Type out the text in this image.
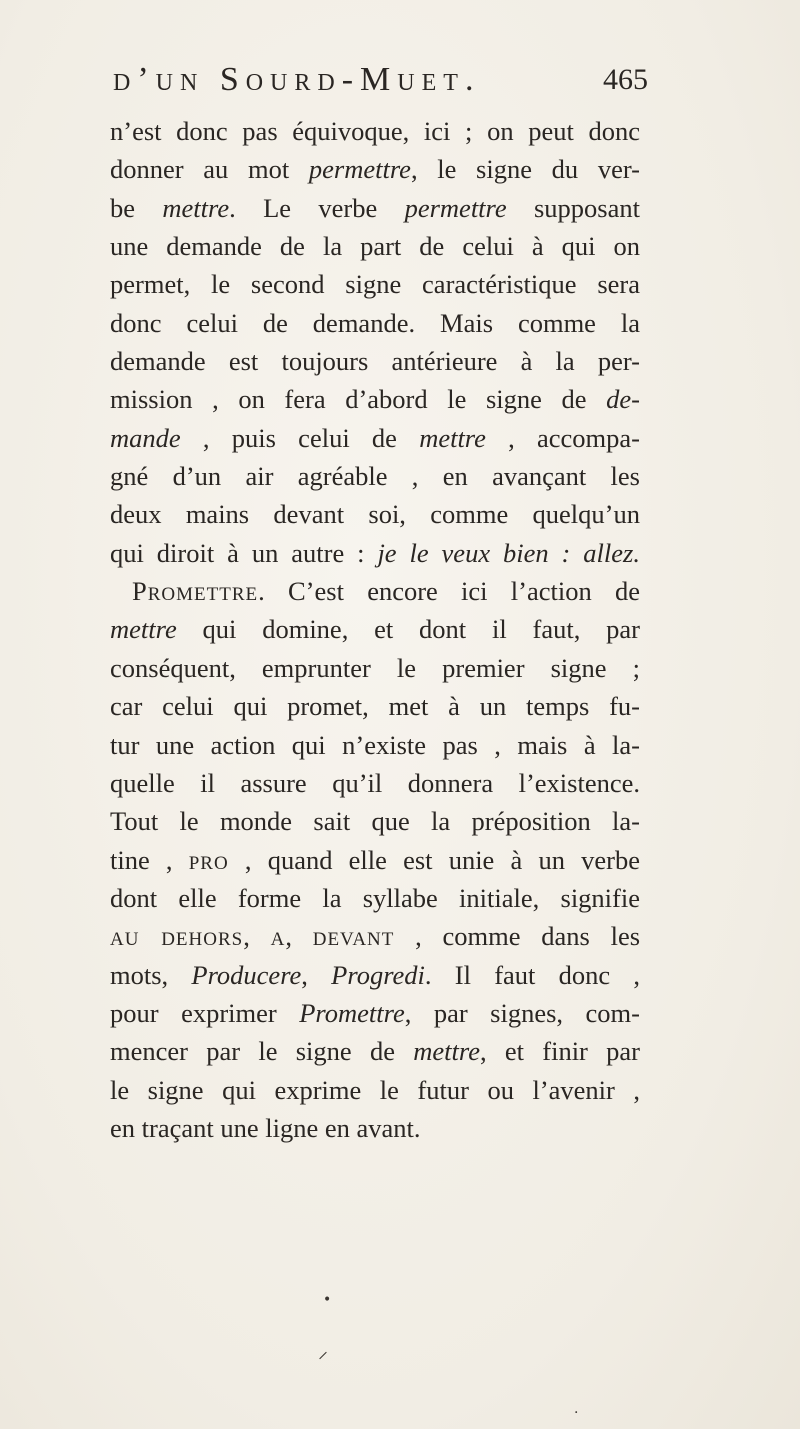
d’un Sourd-Muet.	465
n’est donc pas équivoque, ici ; on peut donc
donner au mot permettre, le signe du ver-
be mettre. Le verbe permettre supposant
une demande de la part de celui à qui on
permet, le second signe caractéristique sera
donc celui de demande. Mais comme la
demande est toujours antérieure à la per-
mission , on fera d’abord le signe de de-
mande , puis celui de mettre , accompa-
gné d’un air agréable , en avançant les
deux mains devant soi, comme quelqu’un
qui diroit à un autre : je le veux bien : allez.
Promettre. C’est encore ici l’action de
mettre qui domine, et dont il faut, par
conséquent, emprunter le premier signe ;
car celui qui promet, met à un temps fu-
tur une action qui n’existe pas , mais à la-
quelle il assure qu’il donnera l’existence.
Tout le monde sait que la préposition la-
tine , pro , quand elle est unie à un verbe
dont elle forme la syllabe initiale, signifie
au dehors, a, devant , comme dans les
mots, Producere, Progredi. Il faut donc ,
pour exprimer Promettre, par signes, com-
mencer par le signe de mettre, et finir par
le signe qui exprime le futur ou l’avenir ,
en traçant une ligne en avant.
•
⸍
·
